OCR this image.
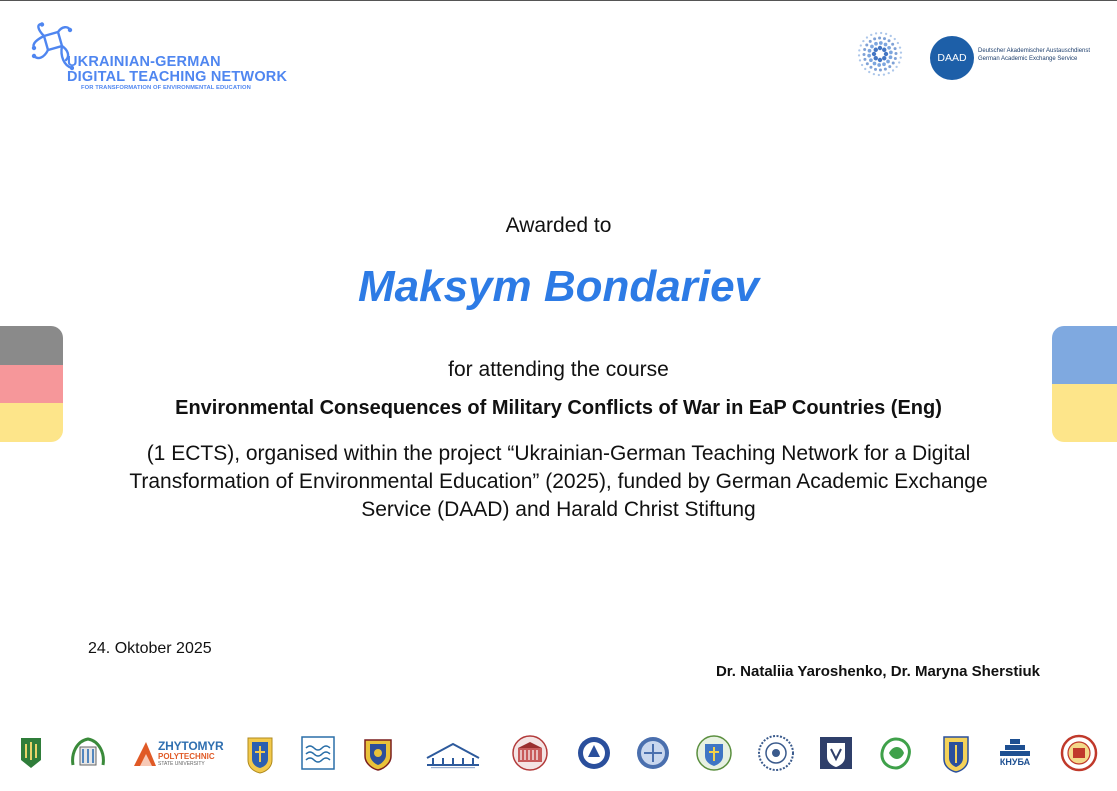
UKRAINIAN-GERMAN
DIGITAL TEACHING NETWORK
FOR TRANSFORMATION OF ENVIRONMENTAL EDUCATION

DAAD
Deutscher Akademischer Austauschdienst
German Academic Exchange Service
Awarded to
Maksym Bondariev
for attending the course
Environmental Consequences of Military Conflicts of War in EaP Countries (Eng)
(1 ECTS), organised within the project “Ukrainian-German Teaching Network for a Digital Transformation of Environmental Education” (2025), funded by German Academic Exchange Service (DAAD) and Harald Christ Stiftung
24. Oktober 2025
Dr. Nataliia Yaroshenko, Dr. Maryna Sherstiuk
ZHYTOMYR
POLYTECHNIC
STATE UNIVERSITY	КНУБА
